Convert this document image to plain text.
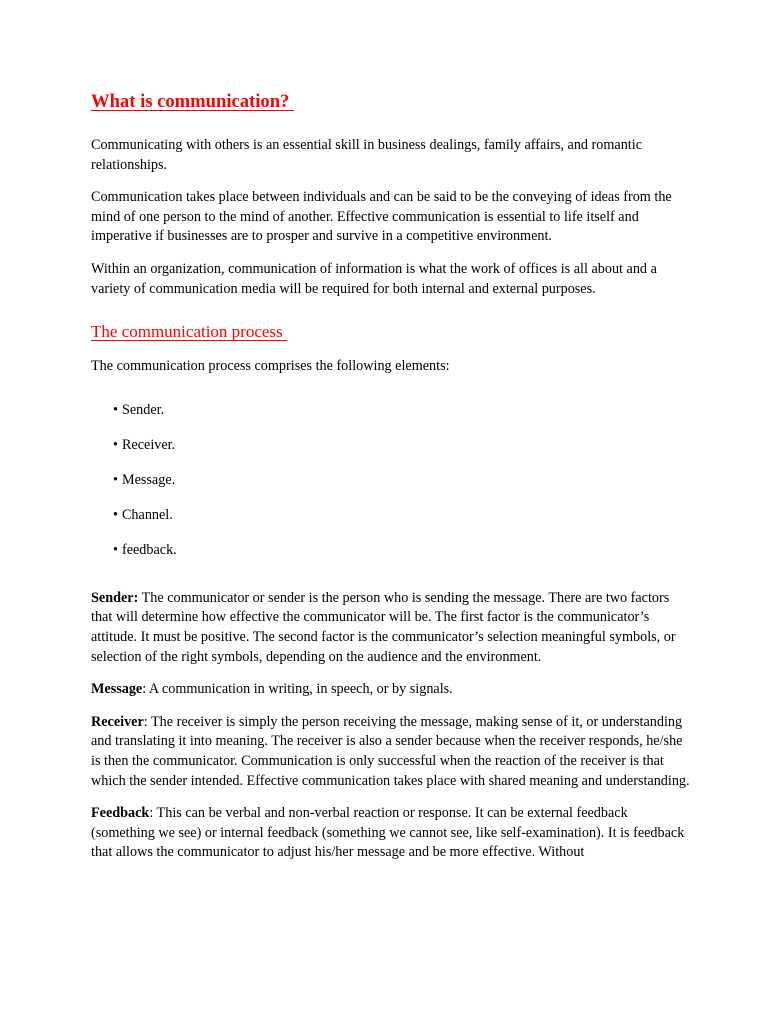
What is communication?

Communicating with others is an essential skill in business dealings, family affairs, and romantic relationships.

Communication takes place between individuals and can be said to be the conveying of ideas from the mind of one person to the mind of another. Effective communication is essential to life itself and imperative if businesses are to prosper and survive in a competitive environment.

Within an organization, communication of information is what the work of offices is all about and a variety of communication media will be required for both internal and external purposes.

The communication process

The communication process comprises the following elements:

• Sender.
• Receiver.
• Message.
• Channel.
• feedback.

Sender: The communicator or sender is the person who is sending the message. There are two factors that will determine how effective the communicator will be. The first factor is the communicator’s attitude. It must be positive. The second factor is the communicator’s selection meaningful symbols, or selection of the right symbols, depending on the audience and the environment.

Message: A communication in writing, in speech, or by signals.

Receiver: The receiver is simply the person receiving the message, making sense of it, or understanding and translating it into meaning. The receiver is also a sender because when the receiver responds, he/she is then the communicator. Communication is only successful when the reaction of the receiver is that which the sender intended. Effective communication takes place with shared meaning and understanding.

Feedback: This can be verbal and non-verbal reaction or response. It can be external feedback (something we see) or internal feedback (something we cannot see, like self-examination). It is feedback that allows the communicator to adjust his/her message and be more effective. Without
